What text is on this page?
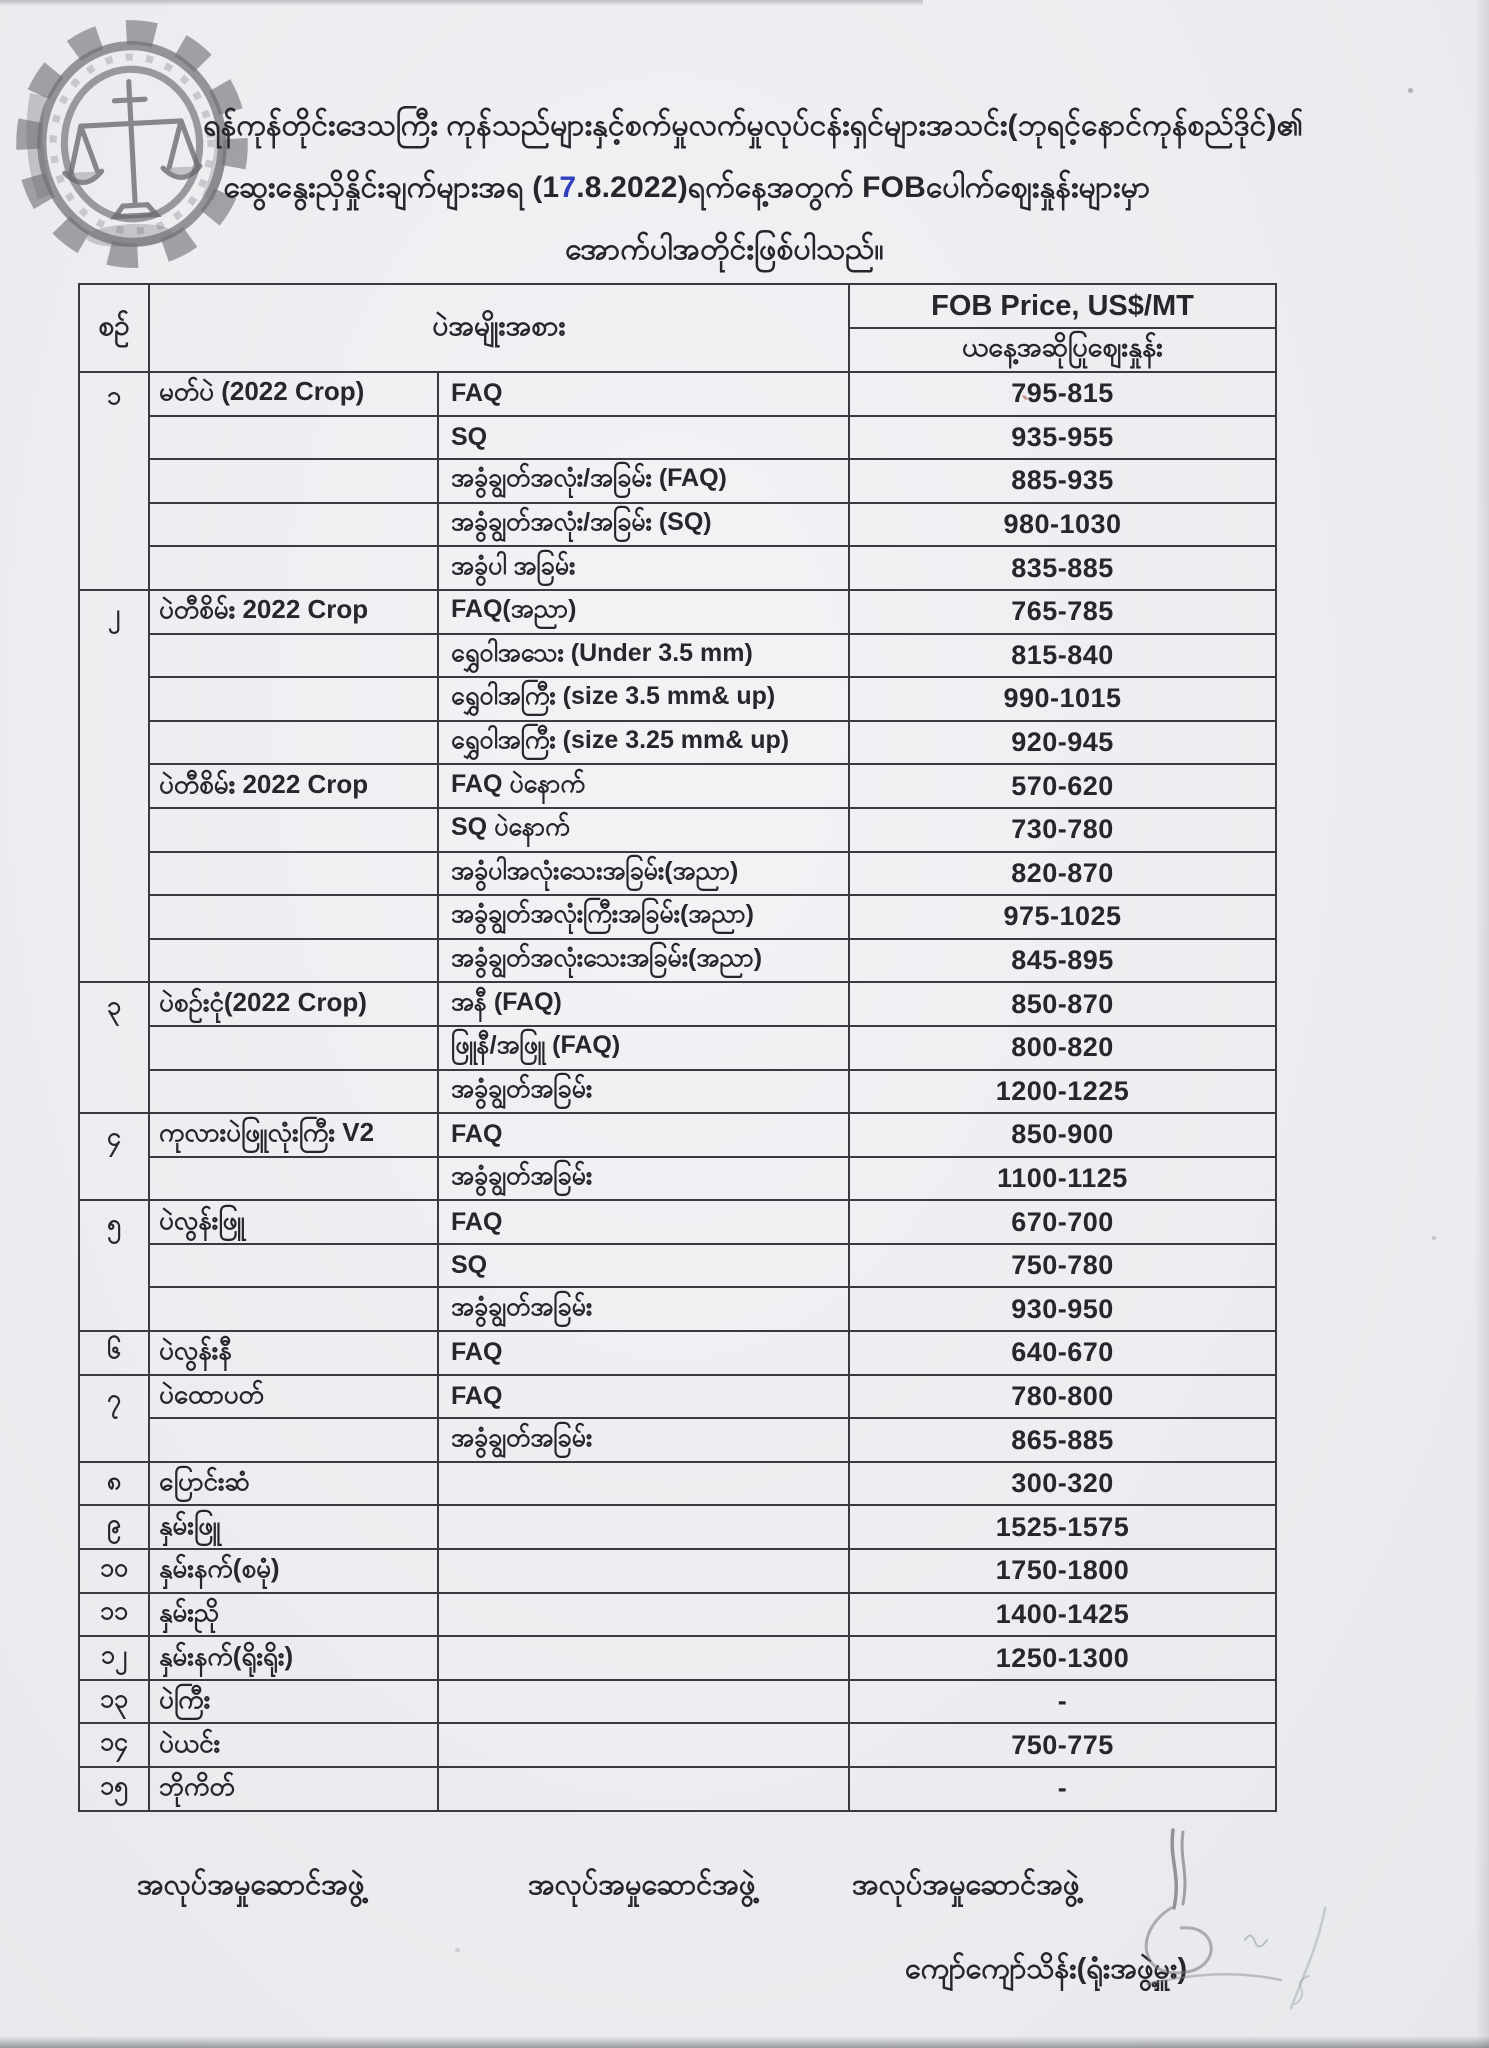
ရန်ကုန်တိုင်းဒေသကြီး ကုန်သည်များနှင့်စက်မှုလက်မှုလုပ်ငန်းရှင်များအသင်း(ဘုရင့်နောင်ကုန်စည်ဒိုင်)၏
ဆွေးနွေးညှိနှိုင်းချက်များအရ (17.8.2022)ရက်နေ့အတွက် FOBပေါက်ဈေးနှုန်းများမှာ
အောက်ပါအတိုင်းဖြစ်ပါသည်။
စဉ်	ပဲအမျိုးအစား		FOB Price, US$/MT
			ယနေ့အဆိုပြုဈေးနှုန်း
၁	မတ်ပဲ (2022 Crop)	FAQ	795-815
		SQ	935-955
		အခွံချွတ်အလုံး/အခြမ်း (FAQ)	885-935
		အခွံချွတ်အလုံး/အခြမ်း (SQ)	980-1030
		အခွံပါ အခြမ်း	835-885
၂	ပဲတီစိမ်း 2022 Crop	FAQ(အညာ)	765-785
		ရွှေဝါအသေး (Under 3.5 mm)	815-840
		ရွှေဝါအကြီး (size 3.5 mm& up)	990-1015
		ရွှေဝါအကြီး (size 3.25 mm& up)	920-945
	ပဲတီစိမ်း 2022 Crop	FAQ ပဲနောက်	570-620
		SQ ပဲနောက်	730-780
		အခွံပါအလုံးသေးအခြမ်း(အညာ)	820-870
		အခွံချွတ်အလုံးကြီးအခြမ်း(အညာ)	975-1025
		အခွံချွတ်အလုံးသေးအခြမ်း(အညာ)	845-895
၃	ပဲစဉ်းငုံ(2022 Crop)	အနီ (FAQ)	850-870
		ဖြူနီ/အဖြူ (FAQ)	800-820
		အခွံချွတ်အခြမ်း	1200-1225
၄	ကုလားပဲဖြူလုံးကြီး V2	FAQ	850-900
		အခွံချွတ်အခြမ်း	1100-1125
၅	ပဲလွန်းဖြူ	FAQ	670-700
		SQ	750-780
		အခွံချွတ်အခြမ်း	930-950
၆	ပဲလွန်းနီ	FAQ	640-670
၇	ပဲထောပတ်	FAQ	780-800
		အခွံချွတ်အခြမ်း	865-885
၈	ပြောင်းဆံ		300-320
၉	နှမ်းဖြူ		1525-1575
၁၀	နှမ်းနက်(စမုံ)		1750-1800
၁၁	နှမ်းညို		1400-1425
၁၂	နှမ်းနက်(ရိုးရိုး)		1250-1300
၁၃	ပဲကြီး		-
၁၄	ပဲယင်း		750-775
၁၅	ဘိုကိတ်		-
အလုပ်အမှုဆောင်အဖွဲ့	အလုပ်အမှုဆောင်အဖွဲ့	အလုပ်အမှုဆောင်အဖွဲ့
ကျော်ကျော်သိန်း(ရုံးအဖွဲ့မှူး)
